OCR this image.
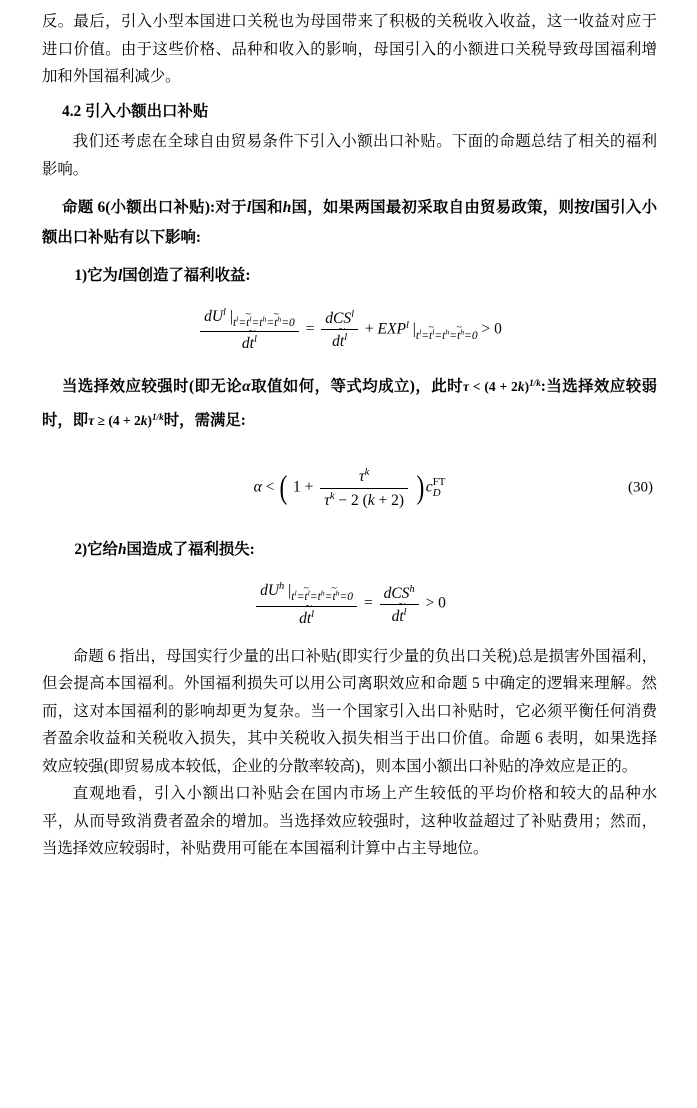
反。最后，引入小型本国进口关税也为母国带来了积极的关税收入收益，这一收益对应于进口价值。由于这些价格、品种和收入的影响，母国引入的小额进口关税导致母国福利增加和外国福利减少。

4.2 引入小额出口补贴

我们还考虑在全球自由贸易条件下引入小额出口补贴。下面的命题总结了相关的福利影响。

命题 6(小额出口补贴):对于l国和h国，如果两国最初采取自由贸易政策，则按l国引入小额出口补贴有以下影响:
1)它为l国创造了福利收益:
$\frac{dU^l |_{t^l=\sim t^l=t^h=\sim t^h=0}}{d\sim t^l} = \frac{dCS^l}{d\sim t^l} + EXP^l$ $|_{t^l=\sim t^l=t^h=\sim t^h=0} > 0$
当选择效应较强时(即无论α取值如何，等式均成立)，此时$\tau < (4 + 2k)^{1/k}$:当选择效应较弱时，即$\tau \ge (4 + 2k)^{1/k}$时，需满足:
α < ( $1 + \frac{\tau^k}{\tau^k - 2 (k + 2)} )c$ FT
D	(30)
2)它给h国造成了福利损失:
$\frac{dU^h |_{t^l=\sim t^l=t^h=\sim t^h=0}}{d\sim t^l} = \frac{dCS^h}{d\sim t^l} > 0$

命题 6 指出，母国实行少量的出口补贴(即实行少量的负出口关税)总是损害外国福利，但会提高本国福利。外国福利损失可以用公司离职效应和命题 5 中确定的逻辑来理解。然而，这对本国福利的影响却更为复杂。当一个国家引入出口补贴时，它必须平衡任何消费者盈余收益和关税收入损失，其中关税收入损失相当于出口价值。命题 6 表明，如果选择效应较强(即贸易成本较低，企业的分散率较高)，则本国小额出口补贴的净效应是正的。

直观地看，引入小额出口补贴会在国内市场上产生较低的平均价格和较大的品种水平，从而导致消费者盈余的增加。当选择效应较强时，这种收益超过了补贴费用；然而，当选择效应较弱时，补贴费用可能在本国福利计算中占主导地位。
